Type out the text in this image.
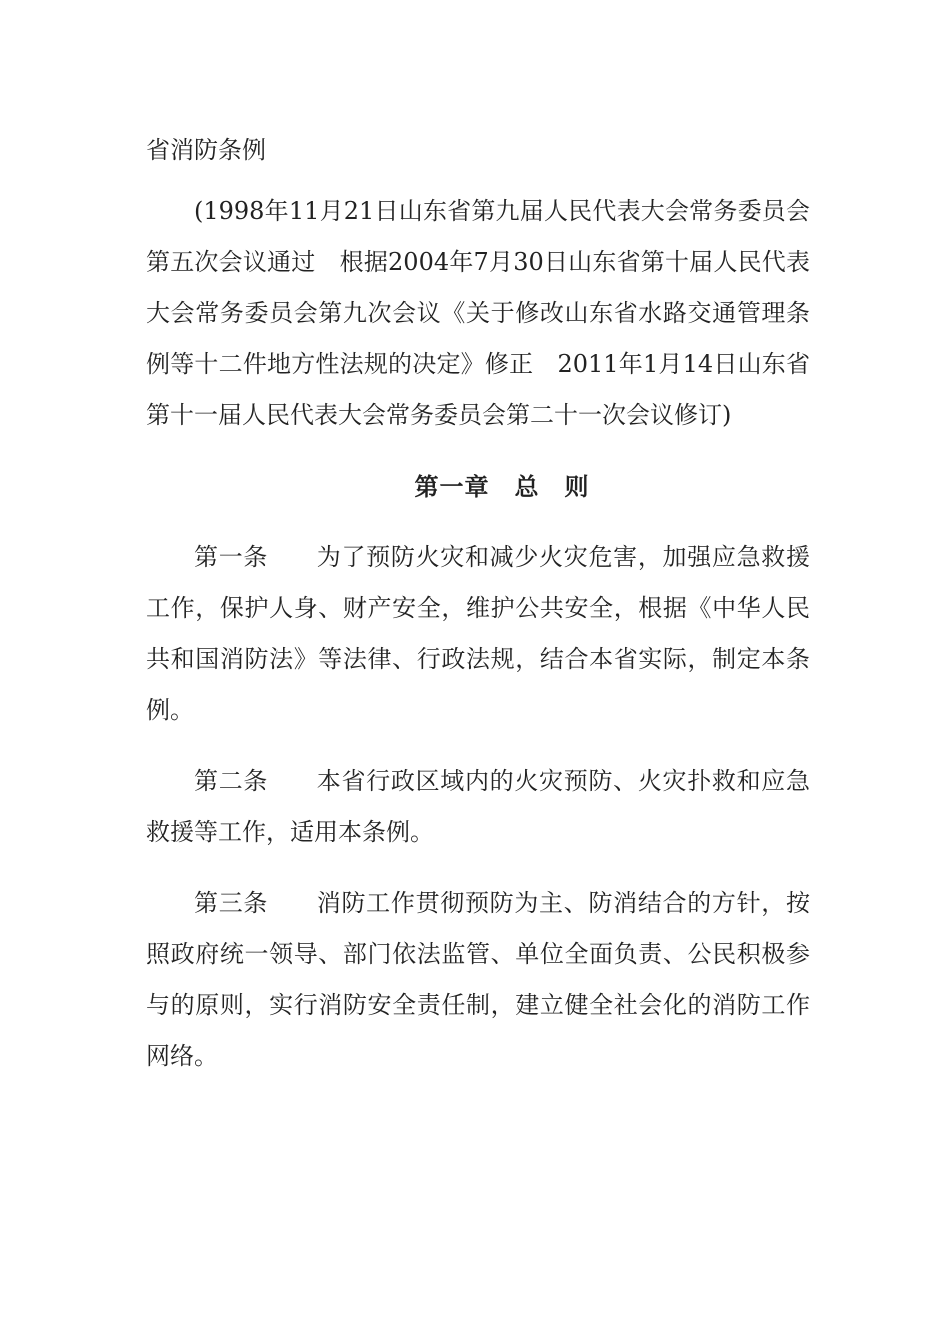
省消防条例

(1998年11月21日山东省第九届人民代表大会常务委员会第五次会议通过　根据2004年7月30日山东省第十届人民代表大会常务委员会第九次会议《关于修改山东省水路交通管理条例等十二件地方性法规的决定》修正　2011年1月14日山东省第十一届人民代表大会常务委员会第二十一次会议修订)

第一章　总　则

第一条 为了预防火灾和减少火灾危害，加强应急救援工作，保护人身、财产安全，维护公共安全，根据《中华人民共和国消防法》等法律、行政法规，结合本省实际，制定本条例。

第二条 本省行政区域内的火灾预防、火灾扑救和应急救援等工作，适用本条例。

第三条 消防工作贯彻预防为主、防消结合的方针，按照政府统一领导、部门依法监管、单位全面负责、公民积极参与的原则，实行消防安全责任制，建立健全社会化的消防工作网络。
